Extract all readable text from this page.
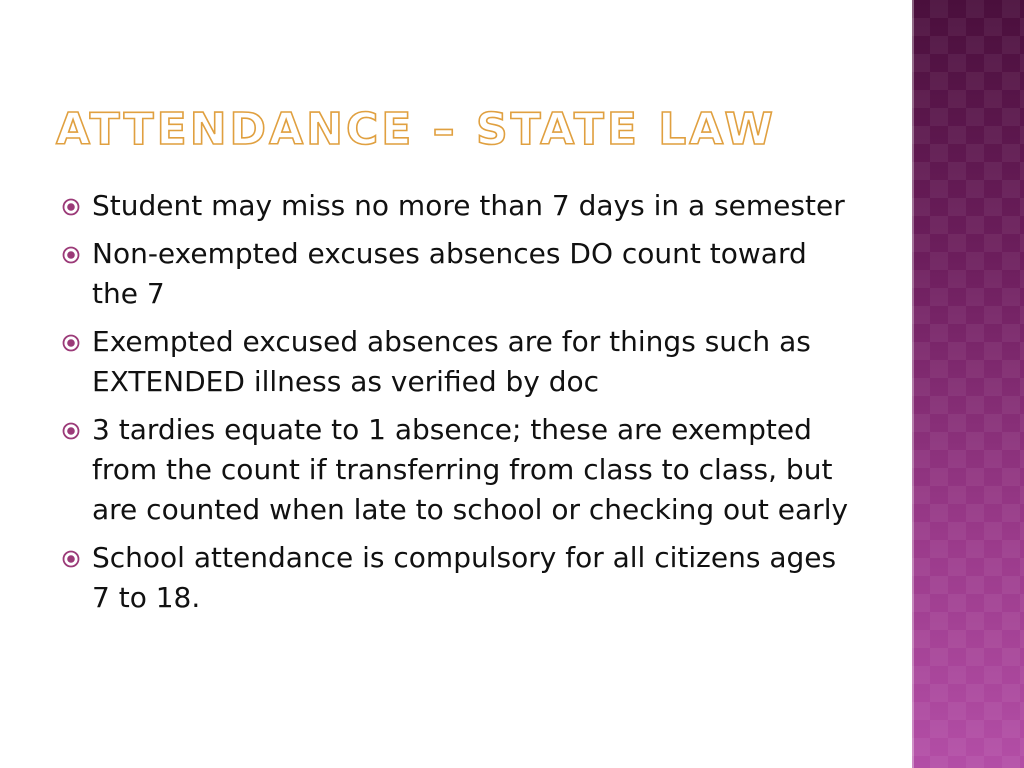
ATTENDANCE – STATE LAW
Student may miss no more than 7 days in a semester
Non-exempted excuses absences DO count toward the 7
Exempted excused absences are for things such as EXTENDED illness as verified by doc
3 tardies equate to 1 absence; these are exempted from the count if transferring from class to class, but are counted when late to school or checking out early
School attendance is compulsory for all citizens ages 7 to 18.
